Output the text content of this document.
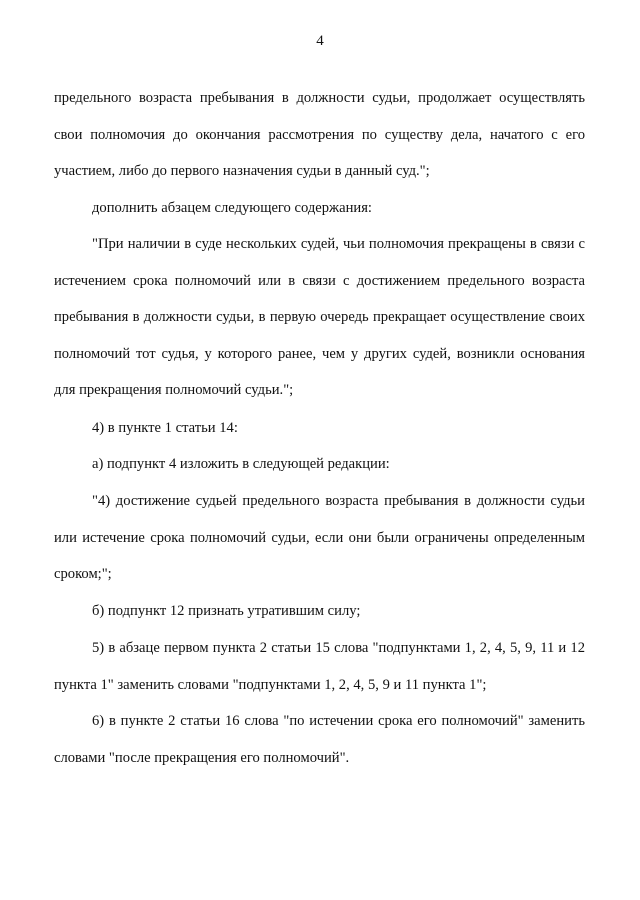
4

предельного возраста пребывания в должности судьи, продолжает осуществлять свои полномочия до окончания рассмотрения по существу дела, начатого с его участием, либо до первого назначения судьи в данный суд.";

дополнить абзацем следующего содержания:

"При наличии в суде нескольких судей, чьи полномочия прекращены в связи с истечением срока полномочий или в связи с достижением предельного возраста пребывания в должности судьи, в первую очередь прекращает осуществление своих полномочий тот судья, у которого ранее, чем у других судей, возникли основания для прекращения полномочий судьи.";

4) в пункте 1 статьи 14:

а) подпункт 4 изложить в следующей редакции:

"4) достижение судьей предельного возраста пребывания в должности судьи или истечение срока полномочий судьи, если они были ограничены определенным сроком;";

б) подпункт 12 признать утратившим силу;

5) в абзаце первом пункта 2 статьи 15 слова "подпунктами 1, 2, 4, 5, 9, 11 и 12 пункта 1" заменить словами "подпунктами 1, 2, 4, 5, 9 и 11 пункта 1";

6) в пункте 2 статьи 16 слова "по истечении срока его полномочий" заменить словами "после прекращения его полномочий".
